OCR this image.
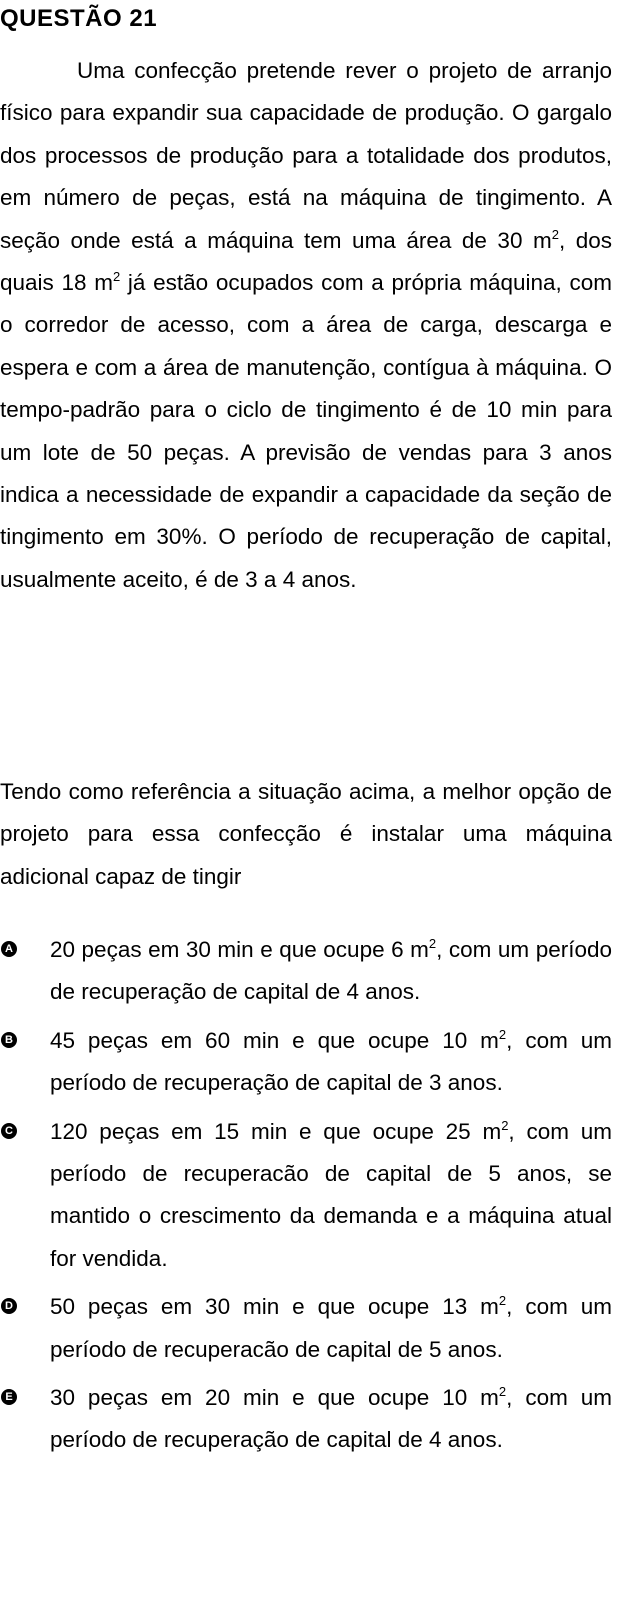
QUESTÃO 21

Uma confecção pretende rever o projeto de arranjo físico para expandir sua capacidade de produção. O gargalo dos processos de produção para a totalidade dos produtos, em número de peças, está na máquina de tingimento. A seção onde está a máquina tem uma área de 30 $m^2$, dos quais 18 $m^2$ já estão ocupados com a própria máquina, com o corredor de acesso, com a área de carga, descarga e espera e com a área de manutenção, contígua à máquina. O tempo-padrão para o ciclo de tingimento é de 10 min para um lote de 50 peças. A previsão de vendas para 3 anos indica a necessidade de expandir a capacidade da seção de tingimento em 30%. O período de recuperação de capital, usualmente aceito, é de 3 a 4 anos.

Tendo como referência a situação acima, a melhor opção de projeto para essa confecção é instalar uma máquina adicional capaz de tingir

A 20 peças em 30 min e que ocupe 6 $m^2$, com um período de recuperação de capital de 4 anos.
B 45 peças em 60 min e que ocupe 10 $m^2$, com um período de recuperação de capital de 3 anos.
C 120 peças em 15 min e que ocupe 25 $m^2$, com um período de recuperacão de capital de 5 anos, se mantido o crescimento da demanda e a máquina atual for vendida.
D 50 peças em 30 min e que ocupe 13 $m^2$, com um período de recuperacão de capital de 5 anos.
E 30 peças em 20 min e que ocupe 10 $m^2$, com um período de recuperação de capital de 4 anos.
